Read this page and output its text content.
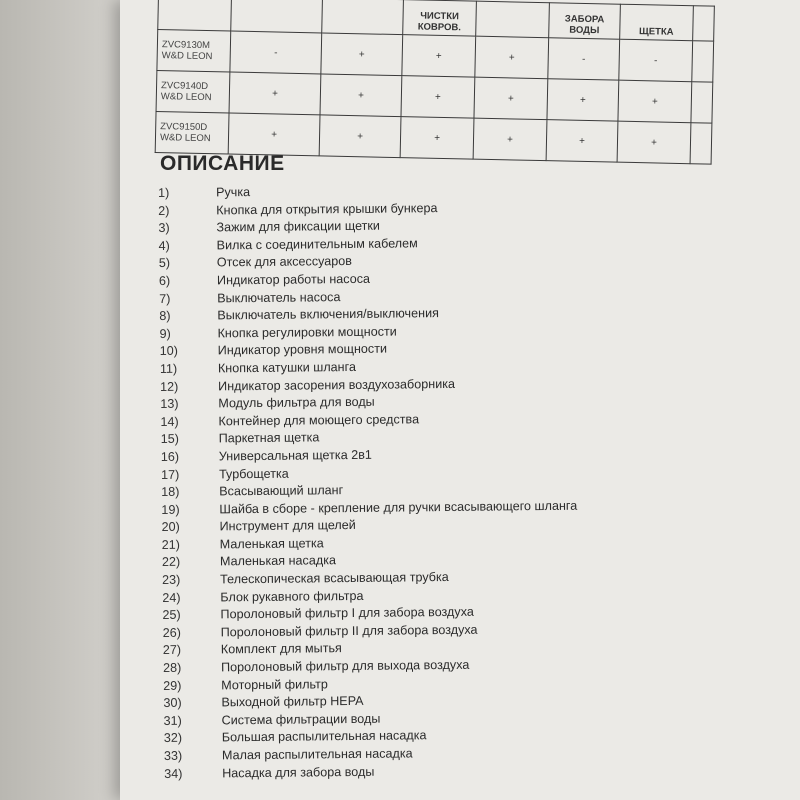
			ЧИСТКИ КОВРОВ.		ЗАБОРА ВОДЫ	ЩЕТКА	
ZVC9130M W&D LEON	-	+	+	+	-	-	
ZVC9140D W&D LEON	+	+	+	+	+	+	
ZVC9150D W&D LEON	+	+	+	+	+	+	
ОПИСАНИЕ
1)	Ручка
2)	Кнопка для открытия крышки бункера
3)	Зажим для фиксации щетки
4)	Вилка с соединительным кабелем
5)	Отсек для аксессуаров
6)	Индикатор работы насоса
7)	Выключатель насоса
8)	Выключатель включения/выключения
9)	Кнопка регулировки мощности
10)	Индикатор уровня мощности
11)	Кнопка катушки шланга
12)	Индикатор засорения воздухозаборника
13)	Модуль фильтра для воды
14)	Контейнер для моющего средства
15)	Паркетная щетка
16)	Универсальная щетка 2в1
17)	Турбощетка
18)	Всасывающий шланг
19)	Шайба в сборе - крепление для ручки всасывающего шланга
20)	Инструмент для щелей
21)	Маленькая щетка
22)	Маленькая насадка
23)	Телескопическая всасывающая трубка
24)	Блок рукавного фильтра
25)	Поролоновый фильтр I для забора воздуха
26)	Поролоновый фильтр II для забора воздуха
27)	Комплект для мытья
28)	Поролоновый фильтр для выхода воздуха
29)	Моторный фильтр
30)	Выходной фильтр HEPA
31)	Система фильтрации воды
32)	Большая распылительная насадка
33)	Малая распылительная насадка
34)	Насадка для забора воды
